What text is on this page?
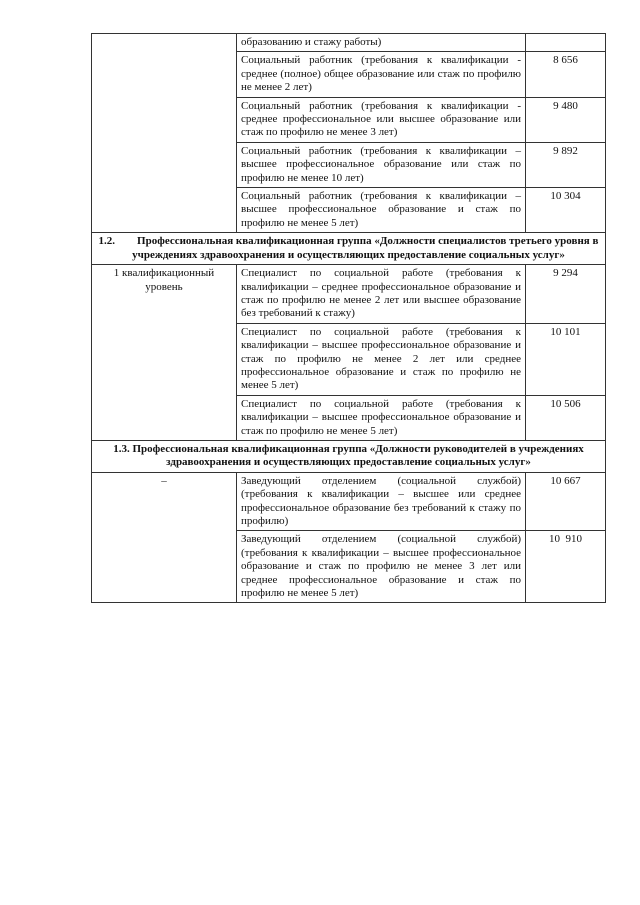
	образованию и стажу работы)	
	Социальный работник (требования к квалификации - среднее (полное) общее образование или стаж по профилю не менее 2 лет)	8 656
	Социальный работник (требования к квалификации - среднее профессиональное или высшее образование или стаж по профилю не менее 3 лет)	9 480
	Социальный работник (требования к квалификации – высшее профессиональное образование или стаж по профилю не менее 10 лет)	9 892
	Социальный работник (требования к квалификации – высшее профессиональное образование и стаж по профилю не менее 5 лет)	10 304
1.2. Профессиональная квалификационная группа «Должности специалистов третьего уровня в учреждениях здравоохранения и осуществляющих предоставление социальных услуг»		
1 квалификационный уровень	Специалист по социальной работе (требования к квалификации – среднее профессиональное образование и стаж по профилю не менее 2 лет или высшее образование без требований к стажу)	9 294
	Специалист по социальной работе (требования к квалификации – высшее профессиональное образование и стаж по профилю не менее 2 лет или среднее профессиональное образование и стаж по профилю не менее 5 лет)	10 101
	Специалист по социальной работе (требования к квалификации – высшее профессиональное образование и стаж по профилю не менее 5 лет)	10 506
1.3. Профессиональная квалификационная группа «Должности руководителей в учреждениях здравоохранения и осуществляющих предоставление социальных услуг»		
–	Заведующий отделением (социальной службой) (требования к квалификации – высшее или среднее профессиональное образование без требований к стажу по профилю)	10 667
	Заведующий отделением (социальной службой) (требования к квалификации – высшее профессиональное образование и стаж по профилю не менее 3 лет или среднее профессиональное образование и стаж по профилю не менее 5 лет)	10  910
